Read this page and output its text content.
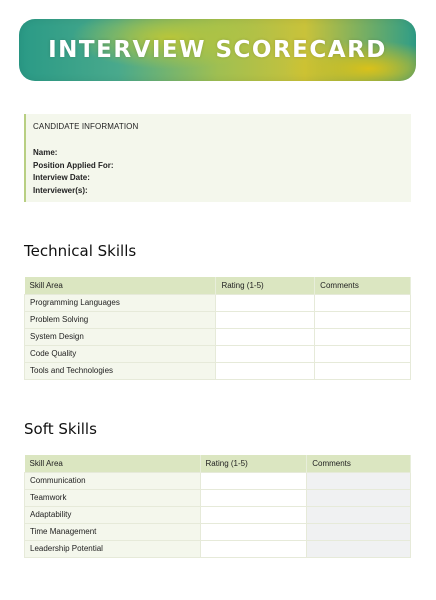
INTERVIEW SCORECARD
CANDIDATE INFORMATION
Name:
Position Applied For:
Interview Date:
Interviewer(s):
Technical Skills
Skill Area	Rating (1-5)	Comments
Programming Languages		
Problem Solving		
System Design		
Code Quality		
Tools and Technologies		
Soft Skills
Skill Area	Rating (1-5)	Comments
Communication		
Teamwork		
Adaptability		
Time Management		
Leadership Potential		
